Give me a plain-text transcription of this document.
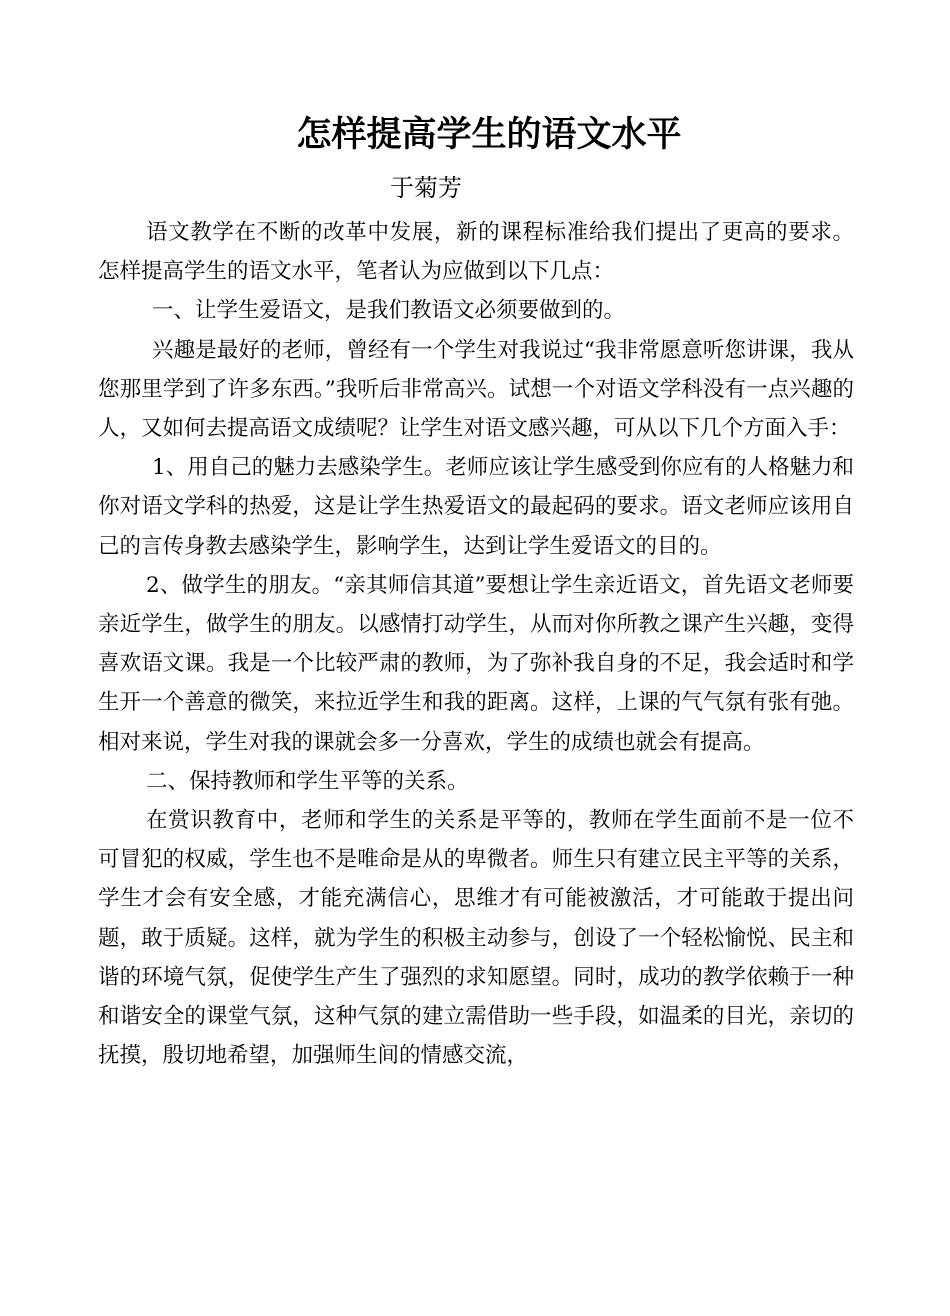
怎样提高学生的语文水平
于菊芳

语文教学在不断的改革中发展，新的课程标准给我们提出了更高的要求。怎样提高学生的语文水平，笔者认为应做到以下几点：

一、让学生爱语文，是我们教语文必须要做到的。

兴趣是最好的老师，曾经有一个学生对我说过“我非常愿意听您讲课，我从您那里学到了许多东西。”我听后非常高兴。试想一个对语文学科没有一点兴趣的人，又如何去提高语文成绩呢？让学生对语文感兴趣，可从以下几个方面入手：

1、用自己的魅力去感染学生。老师应该让学生感受到你应有的人格魅力和你对语文学科的热爱，这是让学生热爱语文的最起码的要求。语文老师应该用自己的言传身教去感染学生，影响学生，达到让学生爱语文的目的。

2、做学生的朋友。“亲其师信其道”要想让学生亲近语文，首先语文老师要亲近学生，做学生的朋友。以感情打动学生，从而对你所教之课产生兴趣，变得喜欢语文课。我是一个比较严肃的教师，为了弥补我自身的不足，我会适时和学生开一个善意的微笑，来拉近学生和我的距离。这样，上课的气气氛有张有弛。相对来说，学生对我的课就会多一分喜欢，学生的成绩也就会有提高。

二、保持教师和学生平等的关系。

在赏识教育中，老师和学生的关系是平等的，教师在学生面前不是一位不可冒犯的权威，学生也不是唯命是从的卑微者。师生只有建立民主平等的关系，学生才会有安全感，才能充满信心，思维才有可能被激活，才可能敢于提出问题，敢于质疑。这样，就为学生的积极主动参与，创设了一个轻松愉悦、民主和谐的环境气氛，促使学生产生了强烈的求知愿望。同时，成功的教学依赖于一种和谐安全的课堂气氛，这种气氛的建立需借助一些手段，如温柔的目光，亲切的抚摸，殷切地希望，加强师生间的情感交流，
